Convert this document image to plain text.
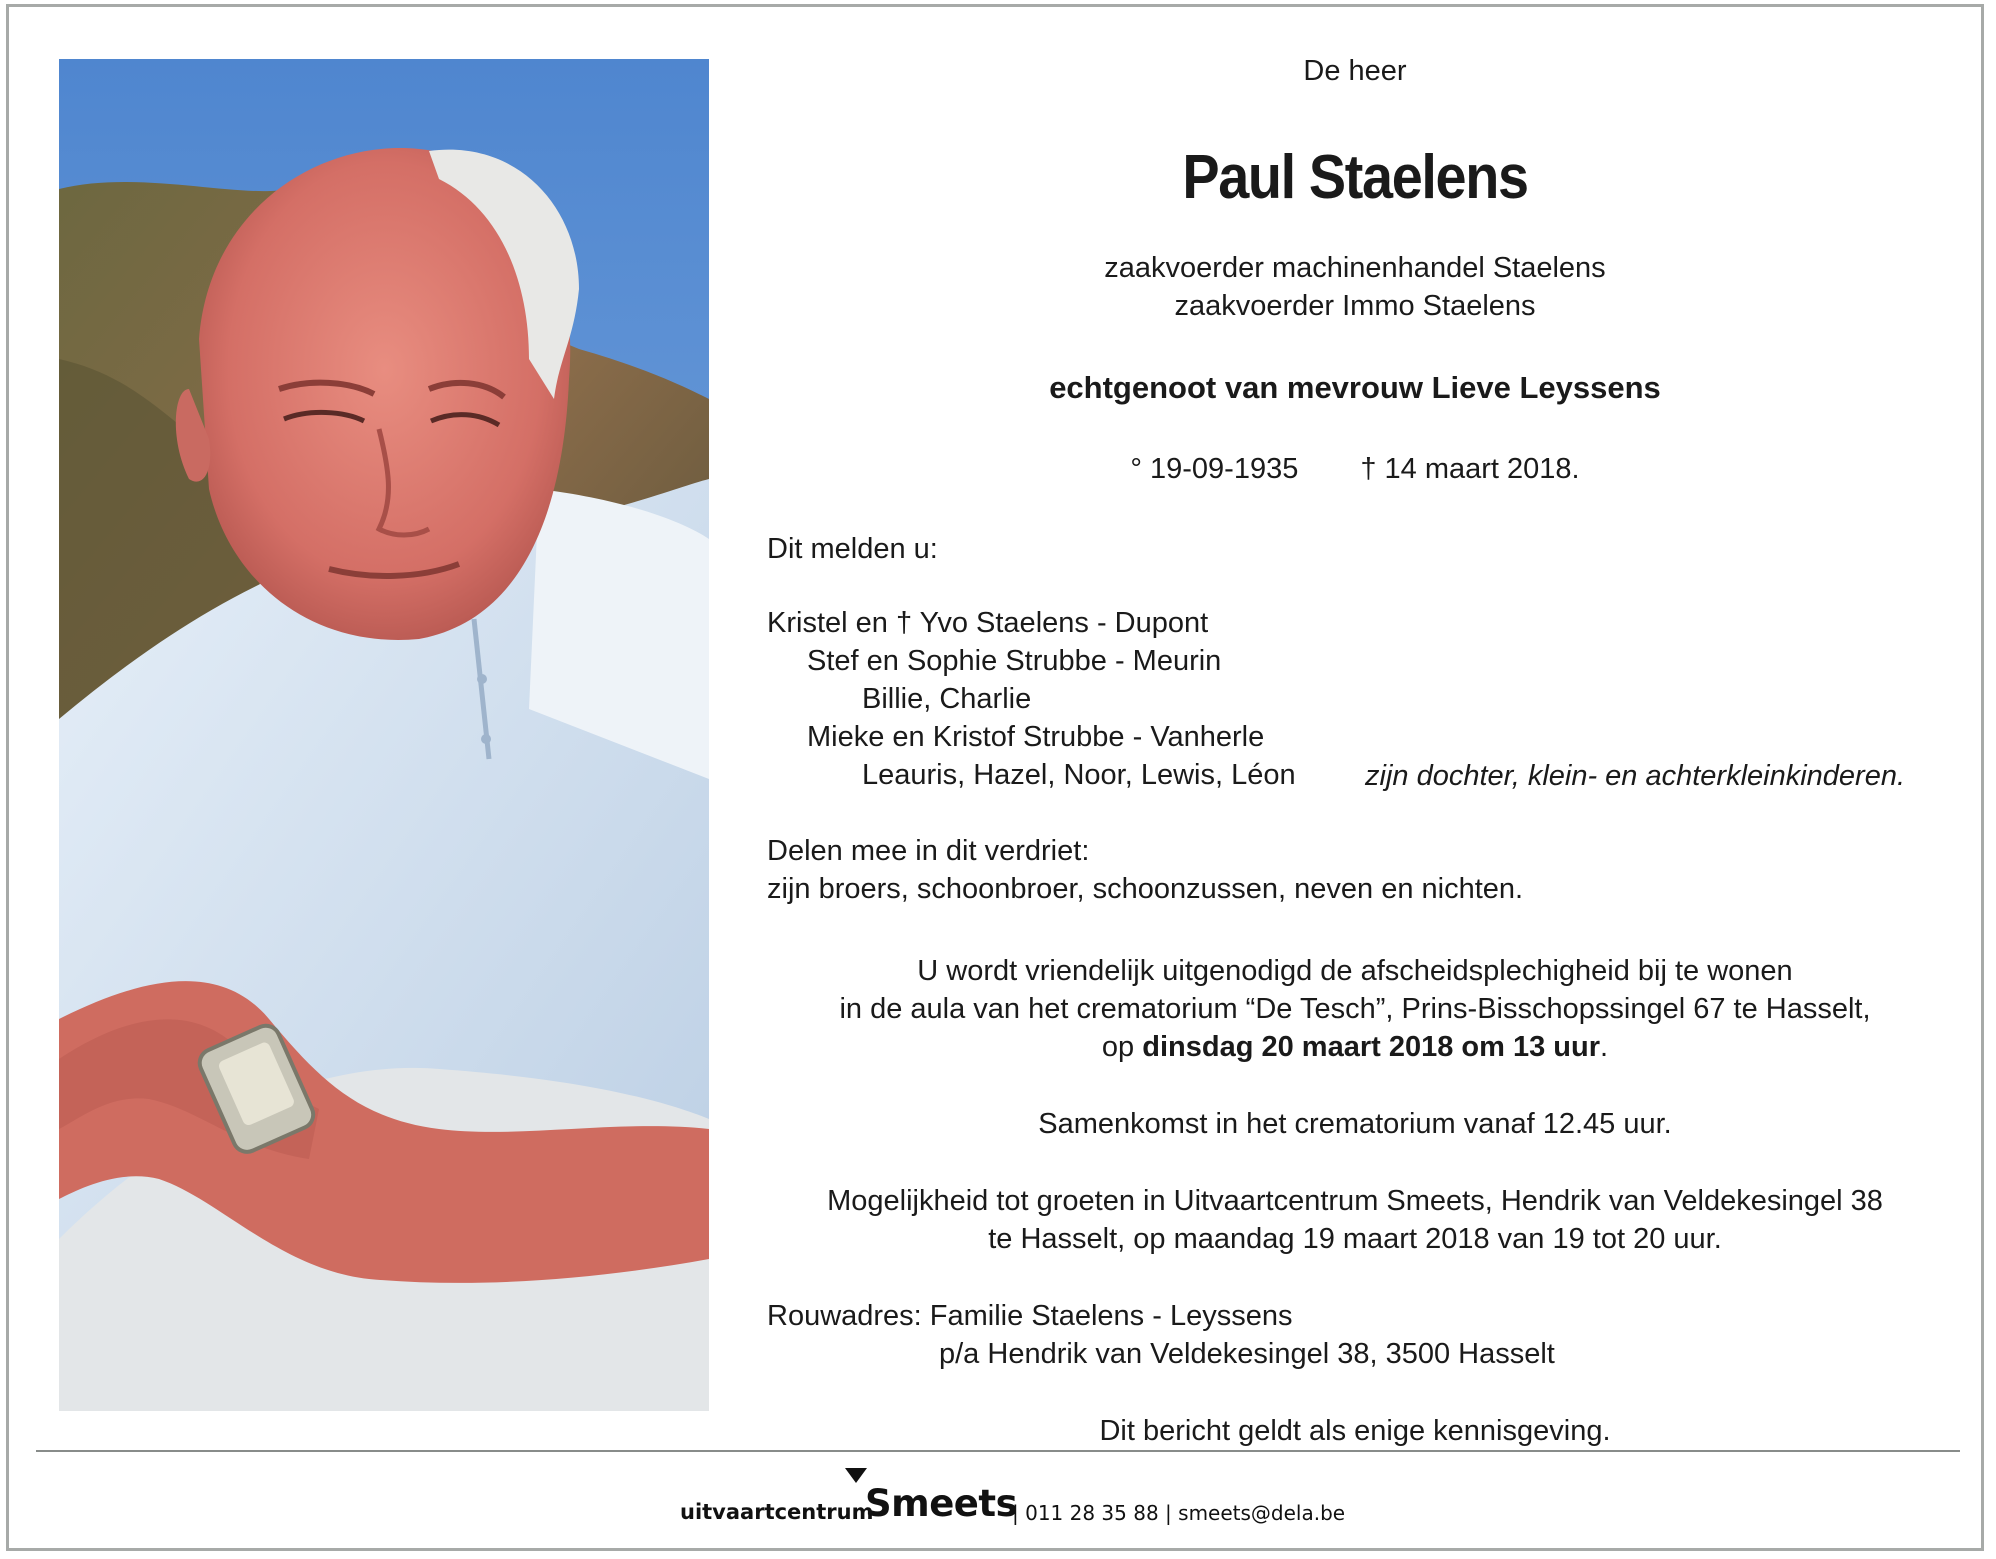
De heer
Paul Staelens
zaakvoerder machinenhandel Staelens
zaakvoerder Immo Staelens
echtgenoot van mevrouw Lieve Leyssens
° 19-09-1935 † 14 maart 2018.
Dit melden u:
Kristel en † Yvo Staelens - Dupont
Stef en Sophie Strubbe - Meurin
Billie, Charlie
Mieke en Kristof Strubbe - Vanherle
Leauris, Hazel, Noor, Lewis, Léon zijn dochter, klein- en achterkleinkinderen.
Delen mee in dit verdriet:
zijn broers, schoonbroer, schoonzussen, neven en nichten.
U wordt vriendelijk uitgenodigd de afscheidsplechigheid bij te wonen
in de aula van het crematorium “De Tesch”, Prins-Bisschopssingel 67 te Hasselt,
op dinsdag 20 maart 2018 om 13 uur.
Samenkomst in het crematorium vanaf 12.45 uur.
Mogelijkheid tot groeten in Uitvaartcentrum Smeets, Hendrik van Veldekesingel 38
te Hasselt, op maandag 19 maart 2018 van 19 tot 20 uur.
Rouwadres: Familie Staelens - Leyssens
p/a Hendrik van Veldekesingel 38, 3500 Hasselt
Dit bericht geldt als enige kennisgeving.
uitvaartcentrum
Smeets
| 011 28 35 88 | smeets@dela.be
